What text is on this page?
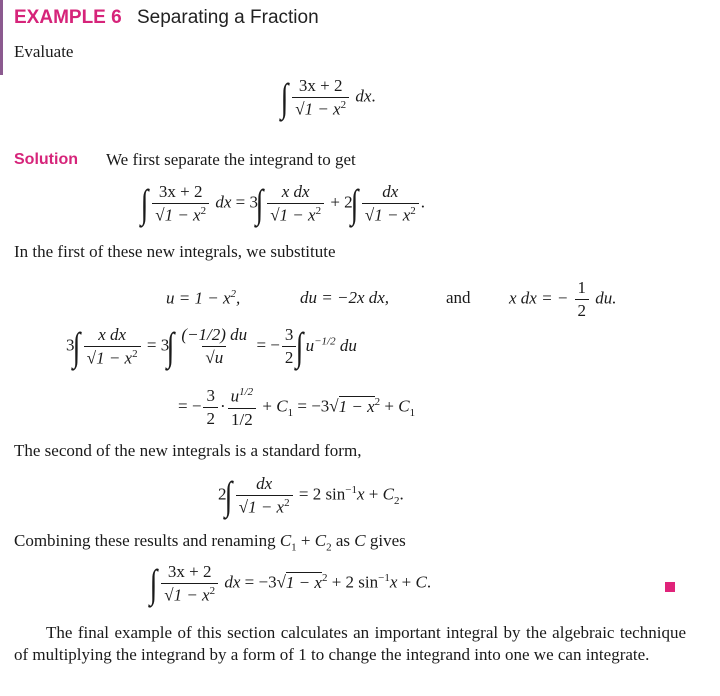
EXAMPLE 6 Separating a Fraction
Evaluate
∫ $\frac{3x + 2}{√1 - x^2}$ dx.
Solution We first separate the integrand to get
∫ $\frac{3x + 2}{√1 - x^2}$ dx = $3\int \frac{\text{x dx}}{√1 - x^2} + 2\int \frac{dx}{√1 - x^2}$ .
In the first of these new integrals, we substitute
$u = 1 - x^2$,	du = −2x dx,	and x dx = − $\frac{1}{2}$ du.
$3\int \frac{\text{x dx}}{√1 - x^2} = 3\int \frac{(-1/2) du}{√u}$ = − $\frac{3}{2}$ ∫ $u^{-1/2}$ du
= − $\frac{3}{2} \cdot \frac{u^{1/2}}{1/2} + C_1 = -3√1 - x^2 + C_1$
The second of the new integrals is a standard form,
$2\int \frac{dx}{√1 - x^2} = 2$ $\sin^{-1}x + C_2$.
Combining these results and renaming $C_1 + C_2$ as C gives
∫ $\frac{3x + 2}{√1 - x^2}$ dx = $-3√1 - x^2 + 2$ $\sin^{-1}x + C$.
The final example of this section calculates an important integral by the algebraic technique of multiplying the integrand by a form of 1 to change the integrand into one we can integrate.
